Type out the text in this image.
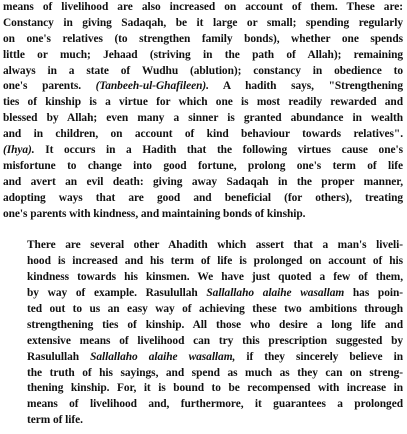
means of livelihood are also increased on account of them. These are:
Constancy in giving Sadaqah, be it large or small; spending regularly
on one's relatives (to strengthen family bonds), whether one spends
little or much; Jehaad (striving in the path of Allah); remaining
always in a state of Wudhu (ablution); constancy in obedience to
one's parents. (Tanbeeh-ul-Ghafileen). A hadith says, "Strengthening
ties of kinship is a virtue for which one is most readily rewarded and
blessed by Allah; even many a sinner is granted abundance in wealth
and in children, on account of kind behaviour towards relatives".
(Ihya). It occurs in a Hadith that the following virtues cause one's
misfortune to change into good fortune, prolong one's term of life
and avert an evil death: giving away Sadaqah in the proper manner,
adopting ways that are good and beneficial (for others), treating
one's parents with kindness, and maintaining bonds of kinship.
There are several other Ahadith which assert that a man's liveli-
hood is increased and his term of life is prolonged on account of his
kindness towards his kinsmen. We have just quoted a few of them,
by way of example. Rasulullah Sallallaho alaihe wasallam has poin-
ted out to us an easy way of achieving these two ambitions through
strengthening ties of kinship. All those who desire a long life and
extensive means of livelihood can try this prescription suggested by
Rasulullah Sallallaho alaihe wasallam, if they sincerely believe in
the truth of his sayings, and spend as much as they can on streng-
thening kinship. For, it is bound to be recompensed with increase in
means of livelihood and, furthermore, it guarantees a prolonged
term of life.
